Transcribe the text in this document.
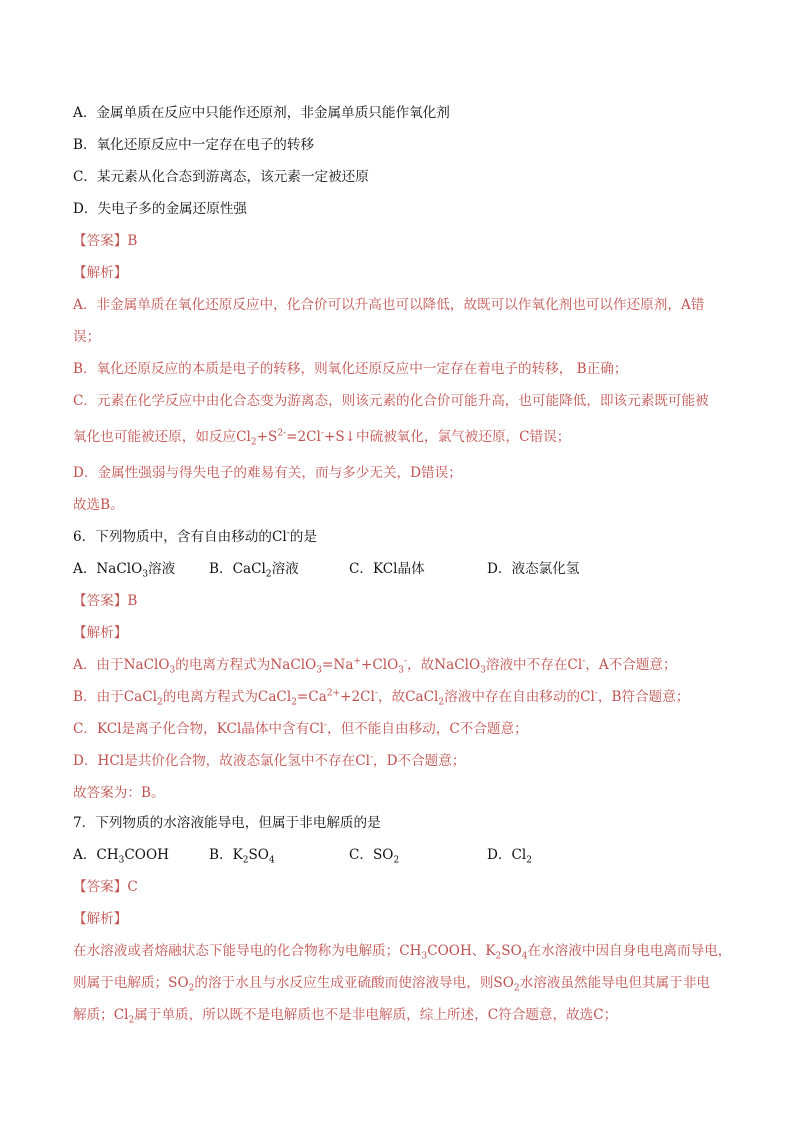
A．金属单质在反应中只能作还原剂，非金属单质只能作氧化剂
B．氧化还原反应中一定存在电子的转移
C．某元素从化合态到游离态，该元素一定被还原
D．失电子多的金属还原性强
【答案】B
【解析】
A．非金属单质在氧化还原反应中，化合价可以升高也可以降低，故既可以作氧化剂也可以作还原剂，A错
误；
B．氧化还原反应的本质是电子的转移，则氧化还原反应中一定存在着电子的转移， B正确；
C．元素在化学反应中由化合态变为游离态，则该元素的化合价可能升高，也可能降低，即该元素既可能被
氧化也可能被还原，如反应$Cl_2+S^{2-}=2Cl^-+S↓$中硫被氧化，氯气被还原，C错误；
D．金属性强弱与得失电子的难易有关，而与多少无关，D错误；
故选B。
6．下列物质中，含有自由移动的Cl-的是
A．NaClO$_3$溶液 B．CaCl$_2$溶液	C．KCl晶体	D．液态氯化氢
【答案】B
【解析】
A．由于NaClO$_3$的电离方程式为NaClO$_3$=Na++ClO$_3$-，故NaClO$_3$溶液中不存在Cl-，A不合题意；
B．由于CaCl$_2$的电离方程式为$CaCl_2=Ca^{2+}+2Cl^-$，故CaCl$_2$溶液中存在自由移动的Cl-，B符合题意；
C．KCl是离子化合物，KCl晶体中含有Cl-，但不能自由移动，C不合题意；
D．HCl是共价化合物，故液态氯化氢中不存在Cl-，D不合题意；
故答案为：B。
7．下列物质的水溶液能导电，但属于非电解质的是
A．$CH_3COOH$	B．$K_2SO_4$	C．$SO_2$	D．$Cl_2$
【答案】C
【解析】
在水溶液或者熔融状态下能导电的化合物称为电解质；$CH_3COOH$、$K_2SO_4$在水溶液中因自身电电离而导电，
则属于电解质；$SO_2$的溶于水且与水反应生成亚硫酸而使溶液导电，则$SO_2$水溶液虽然能导电但其属于非电
解质；$Cl_2$属于单质，所以既不是电解质也不是非电解质，综上所述，C符合题意，故选C；
